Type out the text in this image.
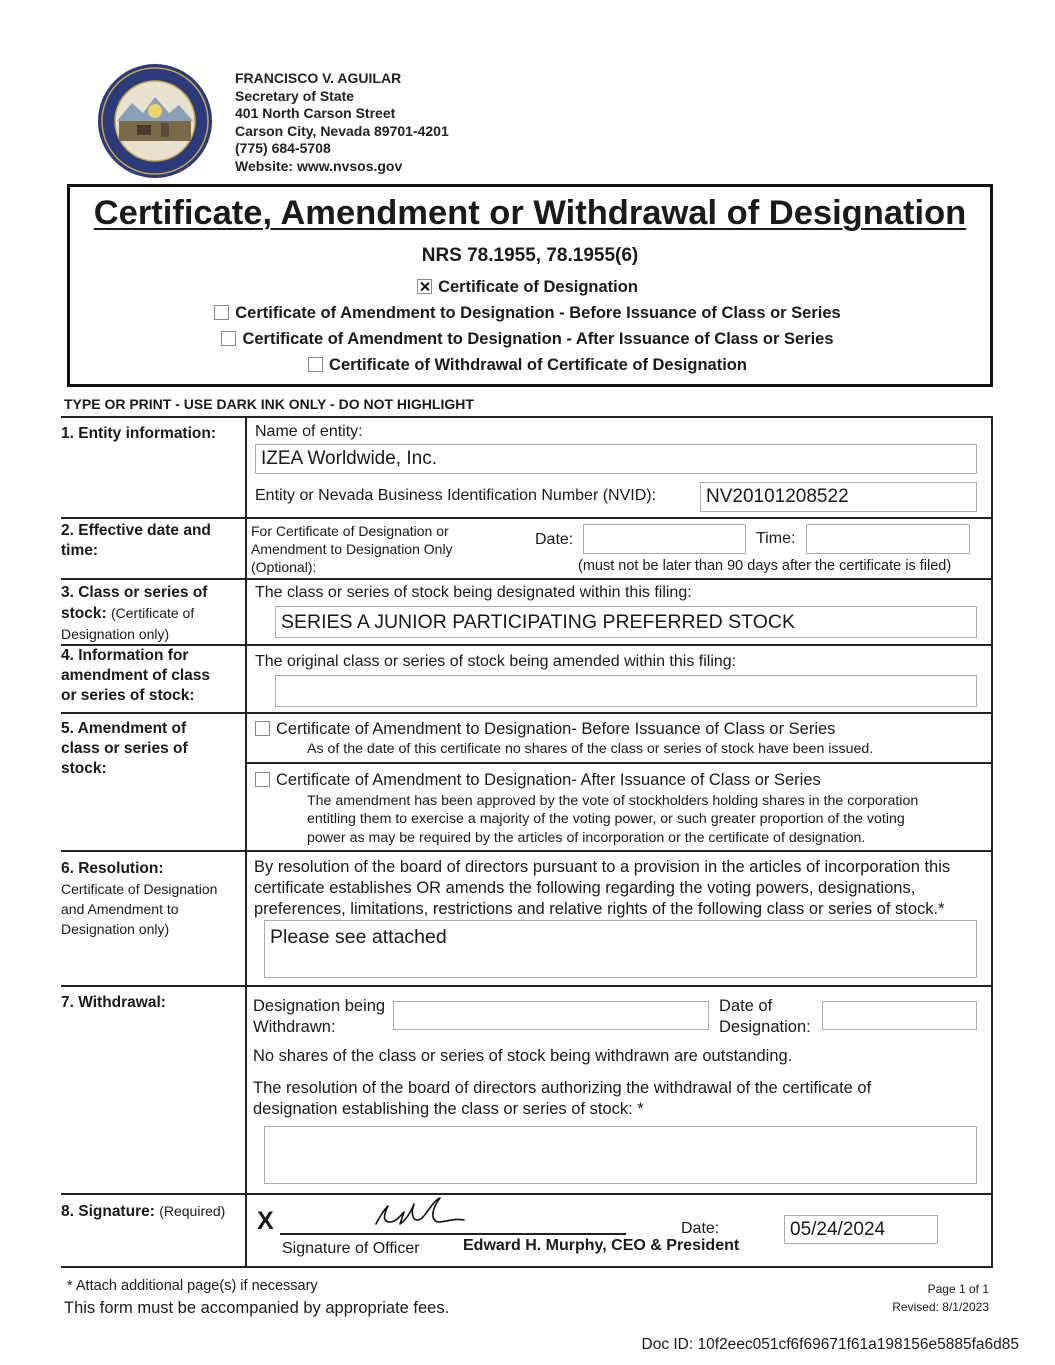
FRANCISCO V. AGUILAR
Secretary of State
401 North Carson Street
Carson City, Nevada 89701-4201
(775) 684-5708
Website: www.nvsos.gov
Certificate, Amendment or Withdrawal of Designation
NRS 78.1955, 78.1955(6)
Certificate of Designation
Certificate of Amendment to Designation - Before Issuance of Class or Series
Certificate of Amendment to Designation - After Issuance of Class or Series
Certificate of Withdrawal of Certificate of Designation
TYPE OR PRINT - USE DARK INK ONLY - DO NOT HIGHLIGHT
1. Entity information: Name of entity:
IZEA Worldwide, Inc.
Entity or Nevada Business Identification Number (NVID):	NV20101208522
2. Effective date and
time:
For Certificate of Designation or
Amendment to Designation Only
(Optional):
Date:	Time:
(must not be later than 90 days after the certificate is filed)
3. Class or series of
stock: (Certificate of
Designation only)
The class or series of stock being designated within this filing:
SERIES A JUNIOR PARTICIPATING PREFERRED STOCK
4. Information for
amendment of class
or series of stock:
The original class or series of stock being amended within this filing:
5. Amendment of
class or series of
stock:
Certificate of Amendment to Designation- Before Issuance of Class or Series
As of the date of this certificate no shares of the class or series of stock have been issued.
Certificate of Amendment to Designation- After Issuance of Class or Series
The amendment has been approved by the vote of stockholders holding shares in the corporation
entitling them to exercise a majority of the voting power, or such greater proportion of the voting
power as may be required by the articles of incorporation or the certificate of designation.
6. Resolution:
Certificate of Designation
and Amendment to
Designation only)
By resolution of the board of directors pursuant to a provision in the articles of incorporation this
certificate establishes OR amends the following regarding the voting powers, designations,
preferences, limitations, restrictions and relative rights of the following class or series of stock.*
Please see attached
7. Withdrawal:	Designation being
Withdrawn:
Date of
Designation:
No shares of the class or series of stock being withdrawn are outstanding.
The resolution of the board of directors authorizing the withdrawal of the certificate of
designation establishing the class or series of stock: *
8. Signature: (Required) X
Signature of Officer	Edward H. Murphy, CEO & President
Date:	05/24/2024
* Attach additional page(s) if necessary
This form must be accompanied by appropriate fees.
Page 1 of 1
Revised: 8/1/2023
Doc ID: 10f2eec051cf6f69671f61a198156e5885fa6d85
